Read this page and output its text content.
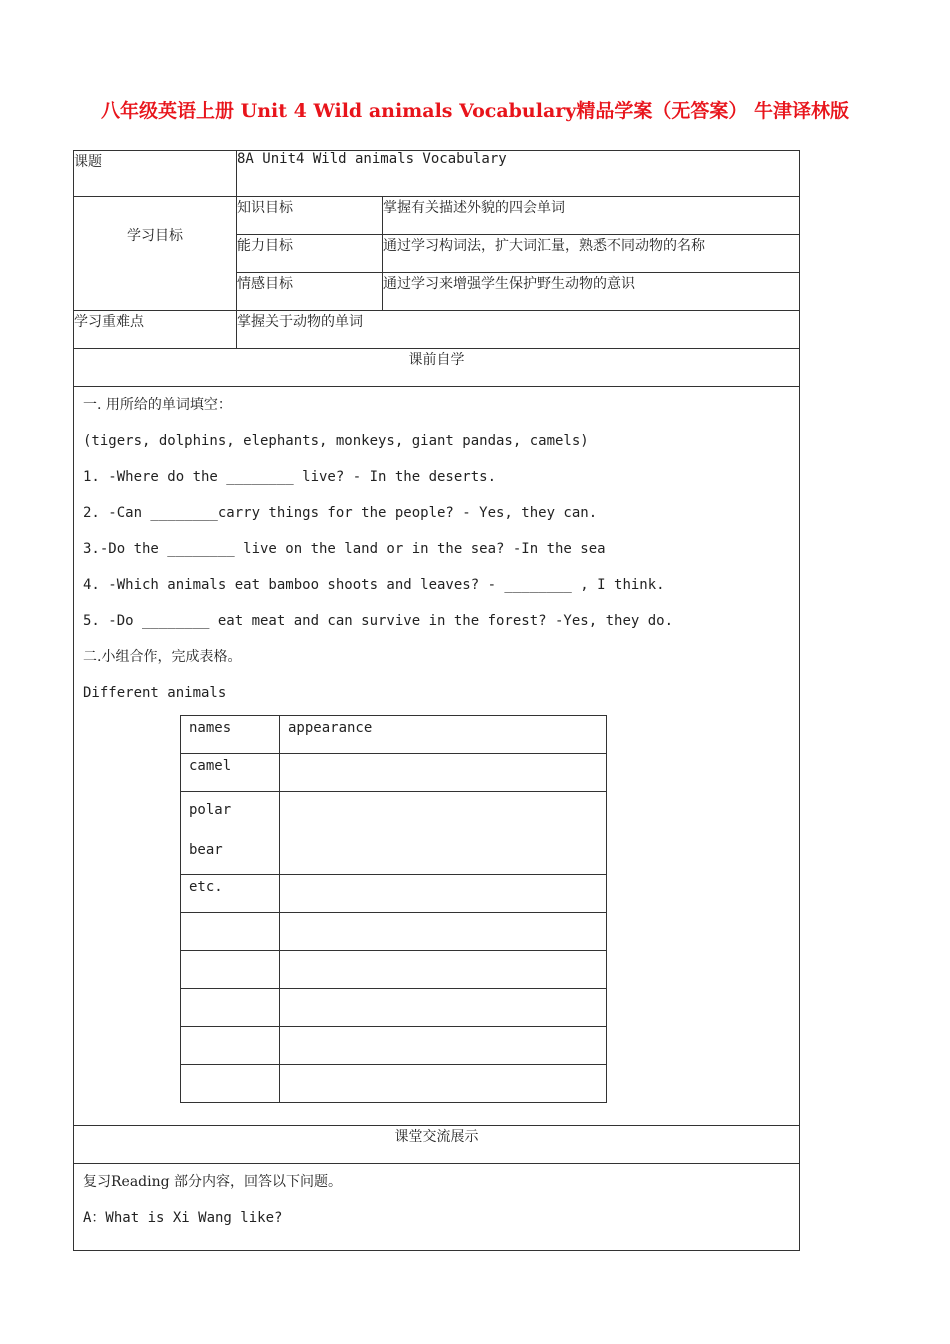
八年级英语上册 Unit 4 Wild animals Vocabulary精品学案（无答案） 牛津译林版
课题	8A Unit4 Wild animals Vocabulary
学习目标	知识目标	掌握有关描述外貌的四会单词
能力目标	通过学习构词法，扩大词汇量，熟悉不同动物的名称
情感目标	通过学习来增强学生保护野生动物的意识
学习重难点	掌握关于动物的单词
课前自学

一. 用所给的单词填空：
(tigers, dolphins, elephants, monkeys, giant pandas, camels)
1. -Where do the ________ live? - In the deserts.
2. -Can ________carry things for the people? - Yes, they can.
3.-Do the ________ live on the land or in the sea? -In the sea
4. -Which animals eat bamboo shoots and leaves? - ________ , I think.
5. -Do ________ eat meat and can survive in the forest? -Yes, they do.
二.小组合作，完成表格。
Different animals
names	appearance
camel	

polar
bear

etc.	

课堂交流展示

复习Reading 部分内容，回答以下问题。
A：What is Xi Wang like?
